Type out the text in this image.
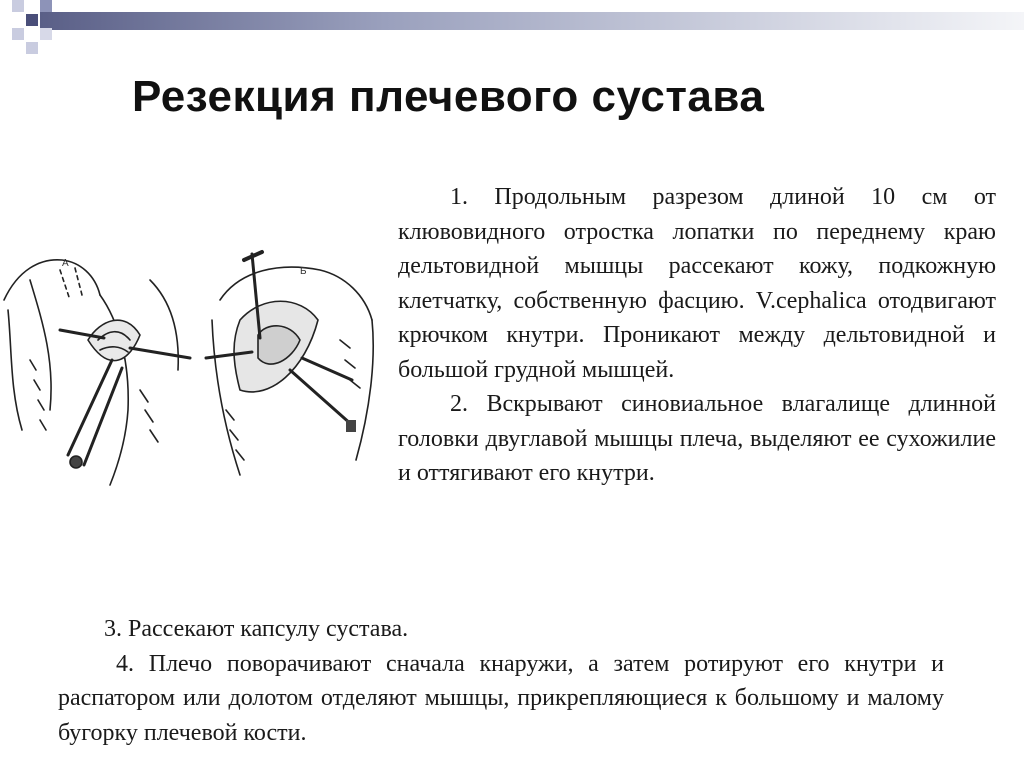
Резекция плечевого сустава
А
Б

1. Продольным разрезом длиной 10 см от клювовидного отростка лопатки по переднему краю дельтовидной мышцы рассекают кожу, подкожную клетчатку, собственную фасцию. V.cephalica отодвигают крючком кнутри. Проникают между дельтовидной и большой грудной мышцей.

2. Вскрывают синовиальное влагалище длинной головки двуглавой мышцы плеча, выделяют ее сухожилие и оттягивают его кнутри.

3. Рассекают капсулу сустава.

4. Плечо поворачивают сначала кнаружи, а затем ротируют его кнутри и распатором или долотом отделяют мышцы, прикрепляющиеся к большому и малому бугорку плечевой кости.
